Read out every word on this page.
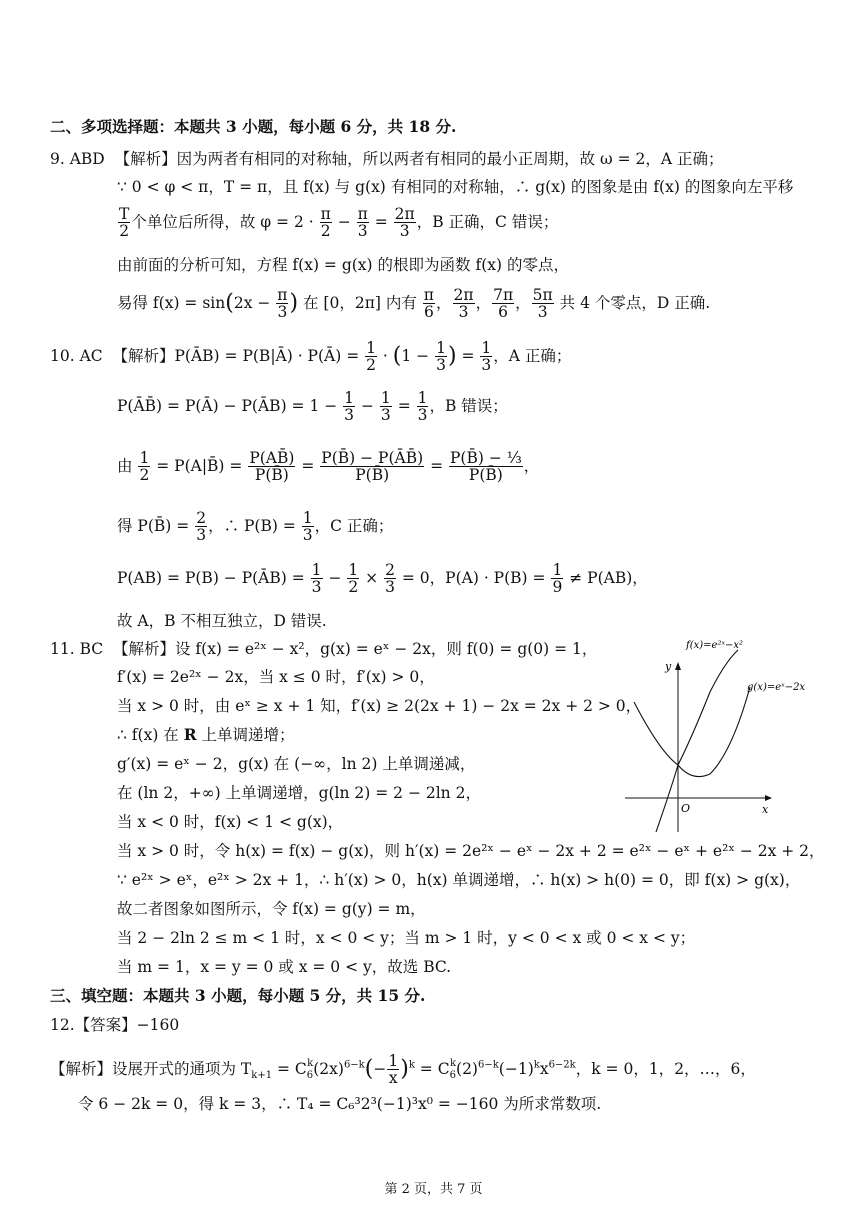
二、多项选择题：本题共 3 小题，每小题 6 分，共 18 分.
9. ABD 【解析】因为两者有相同的对称轴，所以两者有相同的最小正周期，故 ω = 2，A 正确；
∵ 0 < φ < π，T = π，且 f(x) 与 g(x) 有相同的对称轴，∴ g(x) 的图象是由 f(x) 的图象向左平移
$\frac{T}{2}$ 个单位后所得，故 $\varphi = 2 \cdot \frac{\pi}{2} - \frac{\pi}{3} = \frac{2\pi}{3}$ ，B 正确，C 错误；
由前面的分析可知，方程 f(x) = g(x) 的根即为函数 f(x) 的零点，
易得 $f(x) = \sin(2x - \frac{\pi}{3}$ ) 在 [0，2π] 内有 $\frac{\pi}{6}$ ， $\frac{2\pi}{3}$ ， $\frac{7\pi}{6}$ ， $\frac{5\pi}{3}$ 共 4 个零点，D 正确.
10. AC 【解析】P(ĀB) = P(B|Ā) · P(Ā) = $\frac{1}{2} \cdot (1 - \frac{1}{3}$ ) = $\frac{1}{3}$ ，A 正确；
P(ĀB̄) = P(Ā) − P(ĀB) = $1 - \frac{1}{3} - \frac{1}{3} = \frac{1}{3}$ ，B 错误；
由 $\frac{1}{2}$ = P(A|B̄) = $\frac{P(AB̄)}{P(B̄)} = \frac{P(B̄) - P(ĀB̄)}{P(B̄)} = \frac{\text{P(B̄) − ⅓}}{P(B̄)}$ ，
得 P(B̄) = $\frac{2}{3}$ ，∴ $P(B) = \frac{1}{3}$ ，C 正确；
P(AB) = P(B) − P(ĀB) = $\frac{1}{3} - \frac{1}{2} \times \frac{2}{3} = 0$，$P(A) \cdot P(B) = \frac{1}{9} \ne P(AB)$，
故 A，B 不相互独立，D 错误.
11. BC 【解析】设 f(x) = e²ˣ − x²，g(x) = eˣ − 2x，则 f(0) = g(0) = 1，
f′(x) = 2e²ˣ − 2x，当 x ≤ 0 时，f′(x) > 0，
当 x > 0 时，由 eˣ ≥ x + 1 知，f′(x) ≥ 2(2x + 1) − 2x = 2x + 2 > 0，
∴ f(x) 在 R 上单调递增；
g′(x) = eˣ − 2，g(x) 在 (−∞，ln 2) 上单调递减，
在 (ln 2，+∞) 上单调递增，g(ln 2) = 2 − 2ln 2，
当 x < 0 时，f(x) < 1 < g(x)，
当 x > 0 时，令 h(x) = f(x) − g(x)，则 h′(x) = 2e²ˣ − eˣ − 2x + 2 = e²ˣ − eˣ + e²ˣ − 2x + 2，
∵ e²ˣ > eˣ，e²ˣ > 2x + 1，∴ h′(x) > 0，h(x) 单调递增，∴ h(x) > h(0) = 0，即 f(x) > g(x)，
故二者图象如图所示，令 f(x) = g(y) = m，
当 2 − 2ln 2 ≤ m < 1 时，x < 0 < y；当 m > 1 时，y < 0 < x 或 0 < x < y；
当 m = 1，x = y = 0 或 x = 0 < y，故选 BC.
f(x)=e²ˣ−x²
g(x)=eˣ−2x
y
x
O
三、填空题：本题共 3 小题，每小题 5 分，共 15 分.
12.【答案】−160
【解析】设展开式的通项为 $T_{k+1} = C_6^k(2x)^{6-k}(- \frac{1}{x} )^k = C_6^k(2)^{6-k}(-1)^kx^{6-2k}$，k = 0，1，2，…，6，
令 6 − 2k = 0，得 k = 3，∴ T₄ = C₆³2³(−1)³x⁰ = −160 为所求常数项.
第 2 页，共 7 页
